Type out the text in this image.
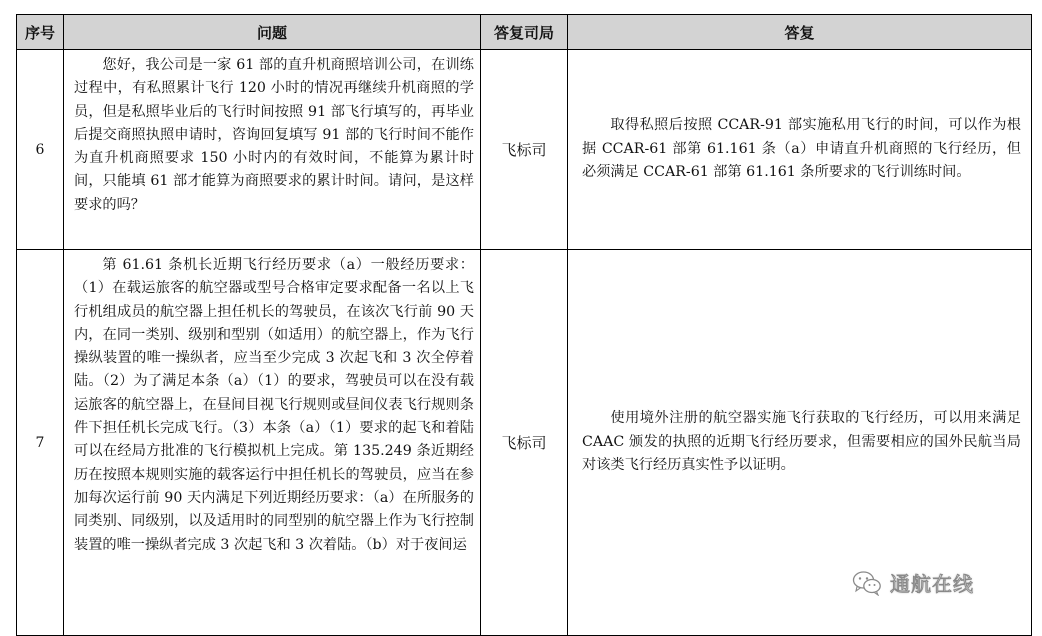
序号	问题	答复司局	答复
6	您好，我公司是一家 61 部的直升机商照培训公司，在训练过程中，有私照累计飞行 120 小时的情况再继续升机商照的学员，但是私照毕业后的飞行时间按照 91 部飞行填写的，再毕业后提交商照执照申请时，咨询回复填写 91 部的飞行时间不能作为直升机商照要求 150 小时内的有效时间，不能算为累计时间，只能填 61 部才能算为商照要求的累计时间。请问，是这样要求的吗？	飞标司	取得私照后按照 CCAR-91 部实施私用飞行的时间，可以作为根据 CCAR-61 部第 61.161 条（a）申请直升机商照的飞行经历，但必须满足 CCAR-61 部第 61.161 条所要求的飞行训练时间。
7	第 61.61 条机长近期飞行经历要求（a）一般经历要求：（1）在载运旅客的航空器或型号合格审定要求配备一名以上飞行机组成员的航空器上担任机长的驾驶员，在该次飞行前 90 天内，在同一类别、级别和型别（如适用）的航空器上，作为飞行操纵装置的唯一操纵者，应当至少完成 3 次起飞和 3 次全停着陆。（2）为了满足本条（a）（1）的要求，驾驶员可以在没有载运旅客的航空器上，在昼间目视飞行规则或昼间仪表飞行规则条件下担任机长完成飞行。（3）本条（a）（1）要求的起飞和着陆可以在经局方批准的飞行模拟机上完成。第 135.249 条近期经历在按照本规则实施的载客运行中担任机长的驾驶员，应当在参加每次运行前 90 天内满足下列近期经历要求：（a）在所服务的同类别、同级别，以及适用时的同型别的航空器上作为飞行控制装置的唯一操纵者完成 3 次起飞和 3 次着陆。（b）对于夜间运	飞标司	使用境外注册的航空器实施飞行获取的飞行经历，可以用来满足 CAAC 颁发的执照的近期飞行经历要求，但需要相应的国外民航当局对该类飞行经历真实性予以证明。
通航在线
